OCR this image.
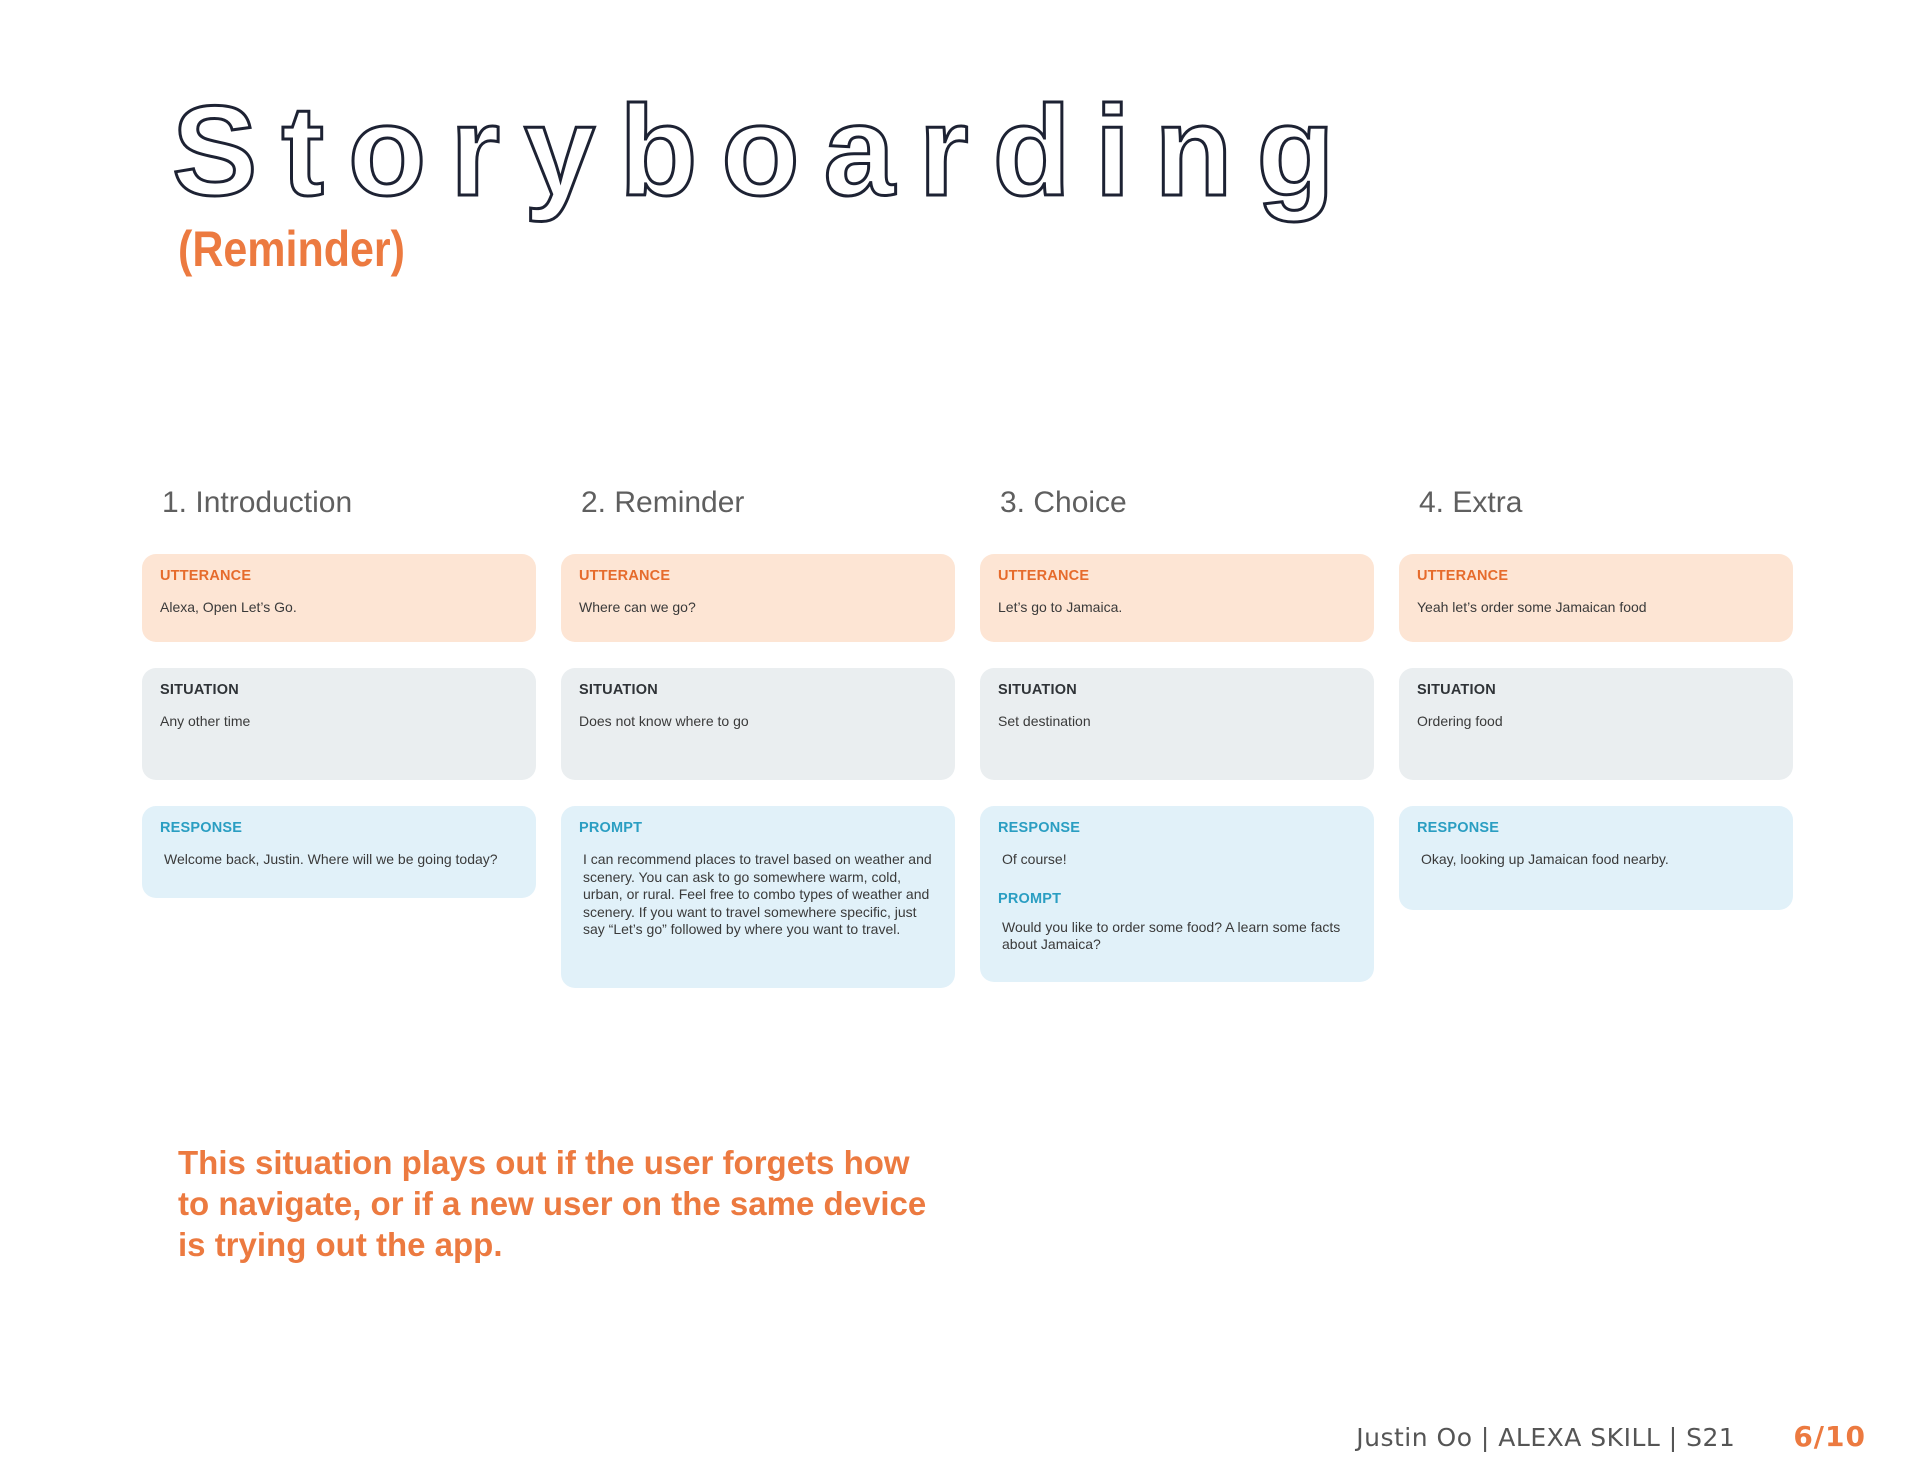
Storyboarding
(Reminder)
1. Introduction
UTTERANCE
Alexa, Open Let’s Go.
SITUATION
Any other time
RESPONSE
Welcome back, Justin. Where will we be going today?
2. Reminder
UTTERANCE
Where can we go?
SITUATION
Does not know where to go
PROMPT
I can recommend places to travel based on weather and scenery. You can ask to go somewhere warm, cold, urban, or rural. Feel free to combo types of weather and scenery. If you want to travel somewhere specific, just say “Let’s go” followed by where you want to travel.
3. Choice
UTTERANCE
Let’s go to Jamaica.
SITUATION
Set destination
RESPONSE
Of course!
PROMPT
Would you like to order some food? A learn some facts about Jamaica?
4. Extra
UTTERANCE
Yeah let’s order some Jamaican food
SITUATION
Ordering food
RESPONSE
Okay, looking up Jamaican food nearby.

This situation plays out if the user forgets how to navigate, or if a new user on the same device is trying out the app.

Justin Oo | ALEXA SKILL | S21 6/10
